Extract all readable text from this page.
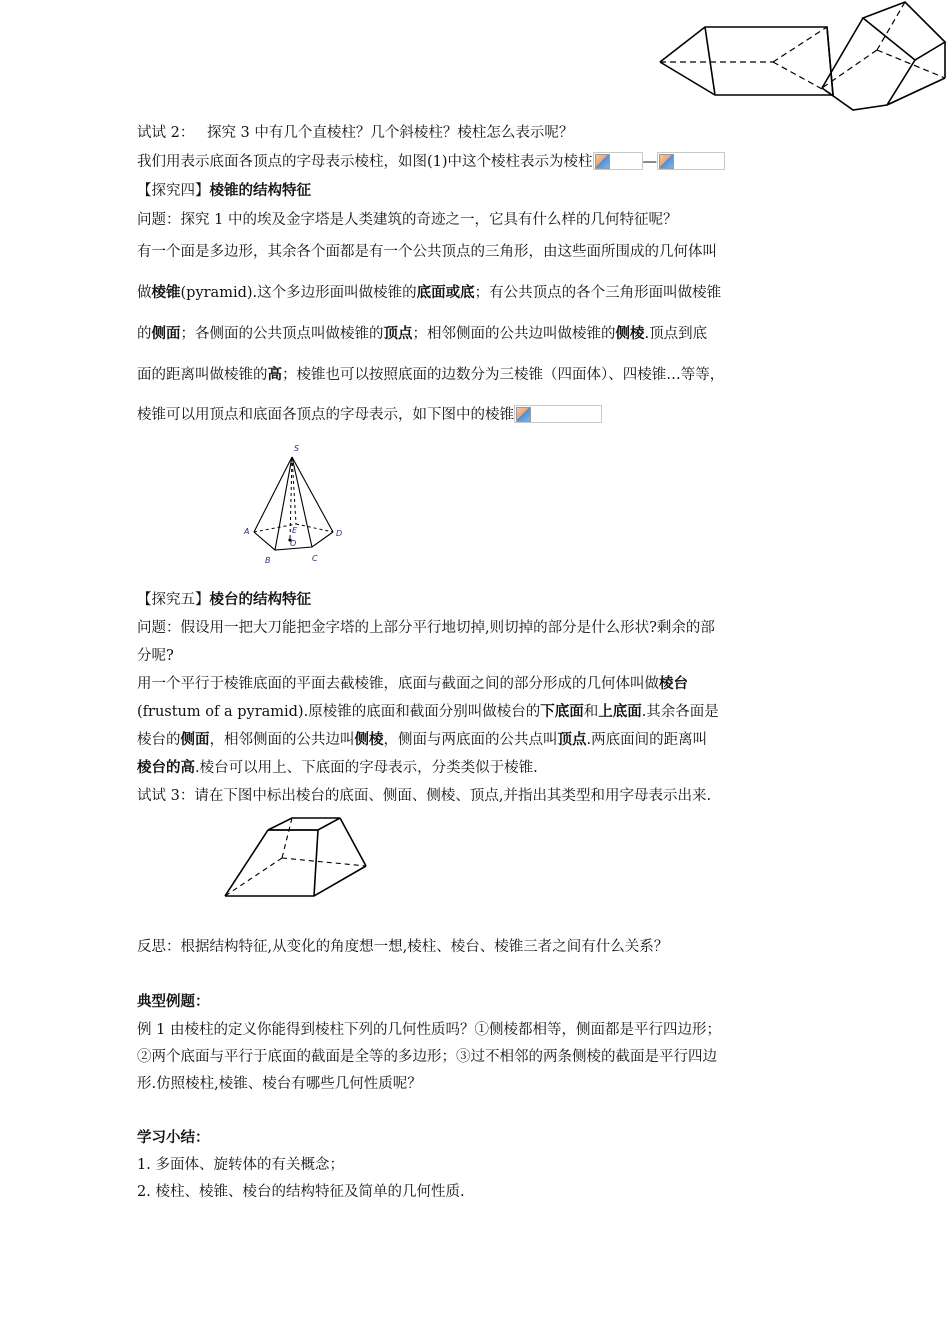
试试 2： 探究 3 中有几个直棱柱？几个斜棱柱？棱柱怎么表示呢？
我们用表示底面各顶点的字母表示棱柱，如图(1)中这个棱柱表示为棱柱	—
【探究四】棱锥的结构特征
问题：探究 1 中的埃及金字塔是人类建筑的奇迹之一，它具有什么样的几何特征呢？
有一个面是多边形，其余各个面都是有一个公共顶点的三角形，由这些面所围成的几何体叫
做棱锥(pyramid).这个多边形面叫做棱锥的底面或底；有公共顶点的各个三角形面叫做棱锥
的侧面；各侧面的公共顶点叫做棱锥的顶点；相邻侧面的公共边叫做棱锥的侧棱.顶点到底
面的距离叫做棱锥的高；棱锥也可以按照底面的边数分为三棱锥（四面体）、四棱锥…等等，
棱锥可以用顶点和底面各顶点的字母表示，如下图中的棱锥
S
A
B	C
D
E
O
【探究五】棱台的结构特征
问题：假设用一把大刀能把金字塔的上部分平行地切掉,则切掉的部分是什么形状?剩余的部
分呢?
用一个平行于棱锥底面的平面去截棱锥，底面与截面之间的部分形成的几何体叫做棱台
(frustum of a pyramid).原棱锥的底面和截面分别叫做棱台的下底面和上底面.其余各面是
棱台的侧面，相邻侧面的公共边叫侧棱，侧面与两底面的公共点叫顶点.两底面间的距离叫
棱台的高.棱台可以用上、下底面的字母表示，分类类似于棱锥.
试试 3：请在下图中标出棱台的底面、侧面、侧棱、顶点,并指出其类型和用字母表示出来.
反思：根据结构特征,从变化的角度想一想,棱柱、棱台、棱锥三者之间有什么关系？
典型例题：
例 1 由棱柱的定义你能得到棱柱下列的几何性质吗？①侧棱都相等，侧面都是平行四边形；
②两个底面与平行于底面的截面是全等的多边形；③过不相邻的两条侧棱的截面是平行四边
形.仿照棱柱,棱锥、棱台有哪些几何性质呢？
学习小结：
1. 多面体、旋转体的有关概念；
2. 棱柱、棱锥、棱台的结构特征及简单的几何性质.
